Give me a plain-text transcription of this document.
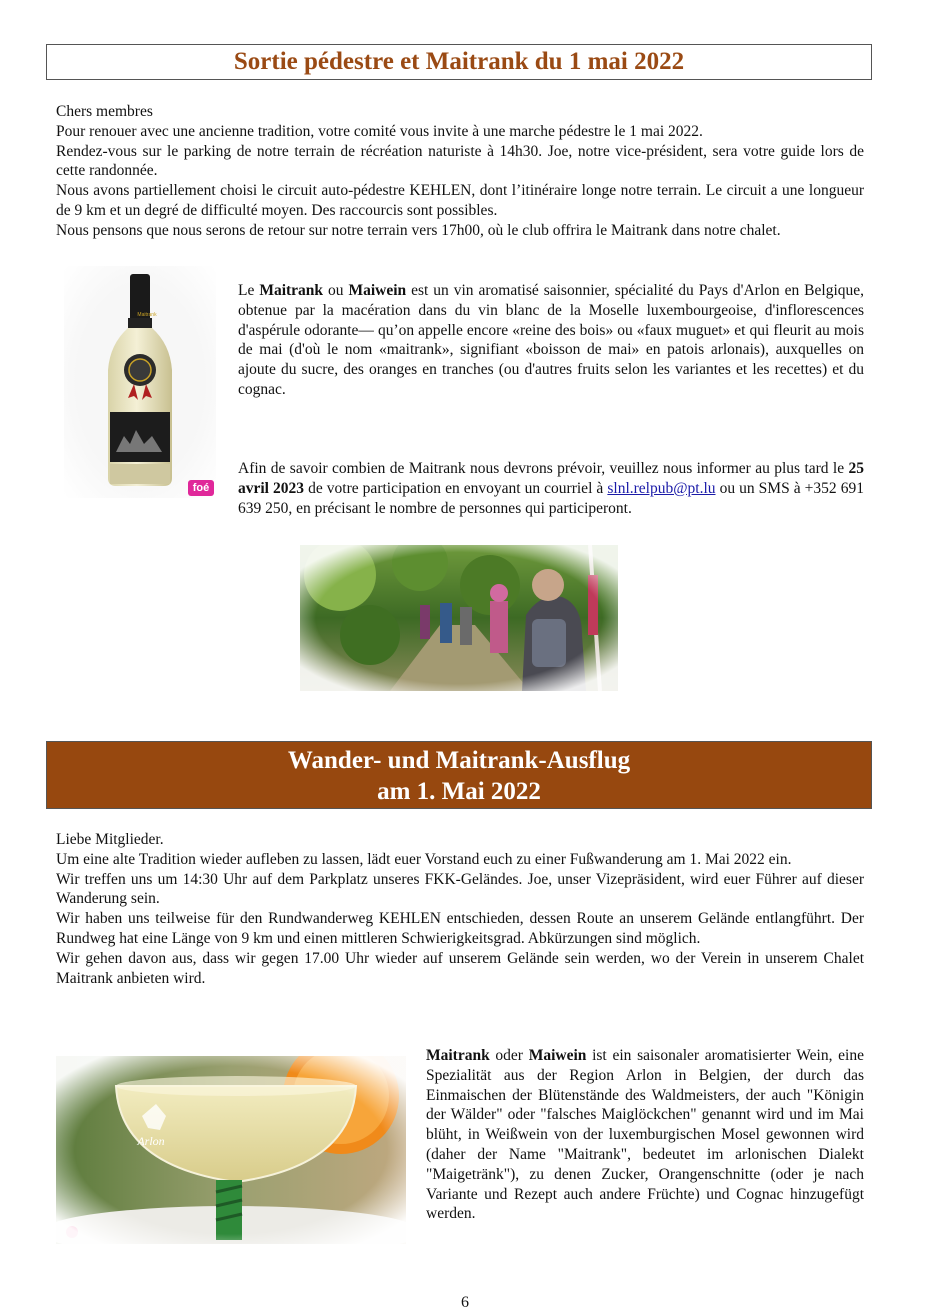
Sortie pédestre et Maitrank du 1 mai 2022

Chers membres

Pour renouer avec une ancienne tradition, votre comité vous invite à une marche pédestre le 1 mai 2022.

Rendez-vous sur le parking de notre terrain de récréation naturiste à 14h30. Joe, notre vice-président, sera votre guide lors de cette randonnée.

Nous avons partiellement choisi le circuit auto-pédestre KEHLEN, dont l’itinéraire longe notre terrain. Le circuit a une longueur de 9 km et un degré de difficulté moyen. Des raccourcis sont possibles.

Nous pensons que nous serons de retour sur notre terrain vers 17h00, où le club offrira le Maitrank dans notre chalet.

Maitrank
foé
Le Maitrank ou Maiwein est un vin aromatisé saisonnier, spécialité du Pays d'Arlon en Belgique, obtenue par la macération dans du vin blanc de la Moselle luxembourgeoise, d'inflorescences d'aspérule odorante— qu’on appelle encore «reine des bois» ou «faux muguet» et qui fleurit au mois de mai (d'où le nom «maitrank», signifiant «boisson de mai» en patois arlonais), auxquelles on ajoute du sucre, des oranges en tranches (ou d'autres fruits selon les variantes et les recettes) et du cognac.
Afin de savoir combien de Maitrank nous devrons prévoir, veuillez nous informer au plus tard le 25 avril 2023 de votre participation en envoyant un courriel à slnl.relpub@pt.lu ou un SMS à +352 691 639 250, en précisant le nombre de personnes qui participeront.
Wander- und Maitrank-Ausflug
am 1. Mai 2022

Liebe Mitglieder.

Um eine alte Tradition wieder aufleben zu lassen, lädt euer Vorstand euch zu einer Fußwanderung am 1. Mai 2022 ein.

Wir treffen uns um 14:30 Uhr auf dem Parkplatz unseres FKK-Geländes. Joe, unser Vizepräsident, wird euer Führer auf dieser Wanderung sein.

Wir haben uns teilweise für den Rundwanderweg KEHLEN entschieden, dessen Route an unserem Gelände entlangführt. Der Rundweg hat eine Länge von 9 km und einen mittleren Schwierigkeitsgrad. Abkürzungen sind möglich.

Wir gehen davon aus, dass wir gegen 17.00 Uhr wieder auf unserem Gelände sein werden, wo der Verein in unserem Chalet Maitrank anbieten wird.

Arlon
Maitrank oder Maiwein ist ein saisonaler aromatisierter Wein, eine Spezialität aus der Region Arlon in Belgien, der durch das Einmaischen der Blütenstände des Waldmeisters, der auch "Königin der Wälder" oder "falsches Maiglöckchen" genannt wird und im Mai blüht, in Weißwein von der luxemburgischen Mosel gewonnen wird (daher der Name "Maitrank", bedeutet im arlonischen Dialekt "Maigetränk"), zu denen Zucker, Orangenschnitte (oder je nach Variante und Rezept auch andere Früchte) und Cognac hinzugefügt werden.
6
